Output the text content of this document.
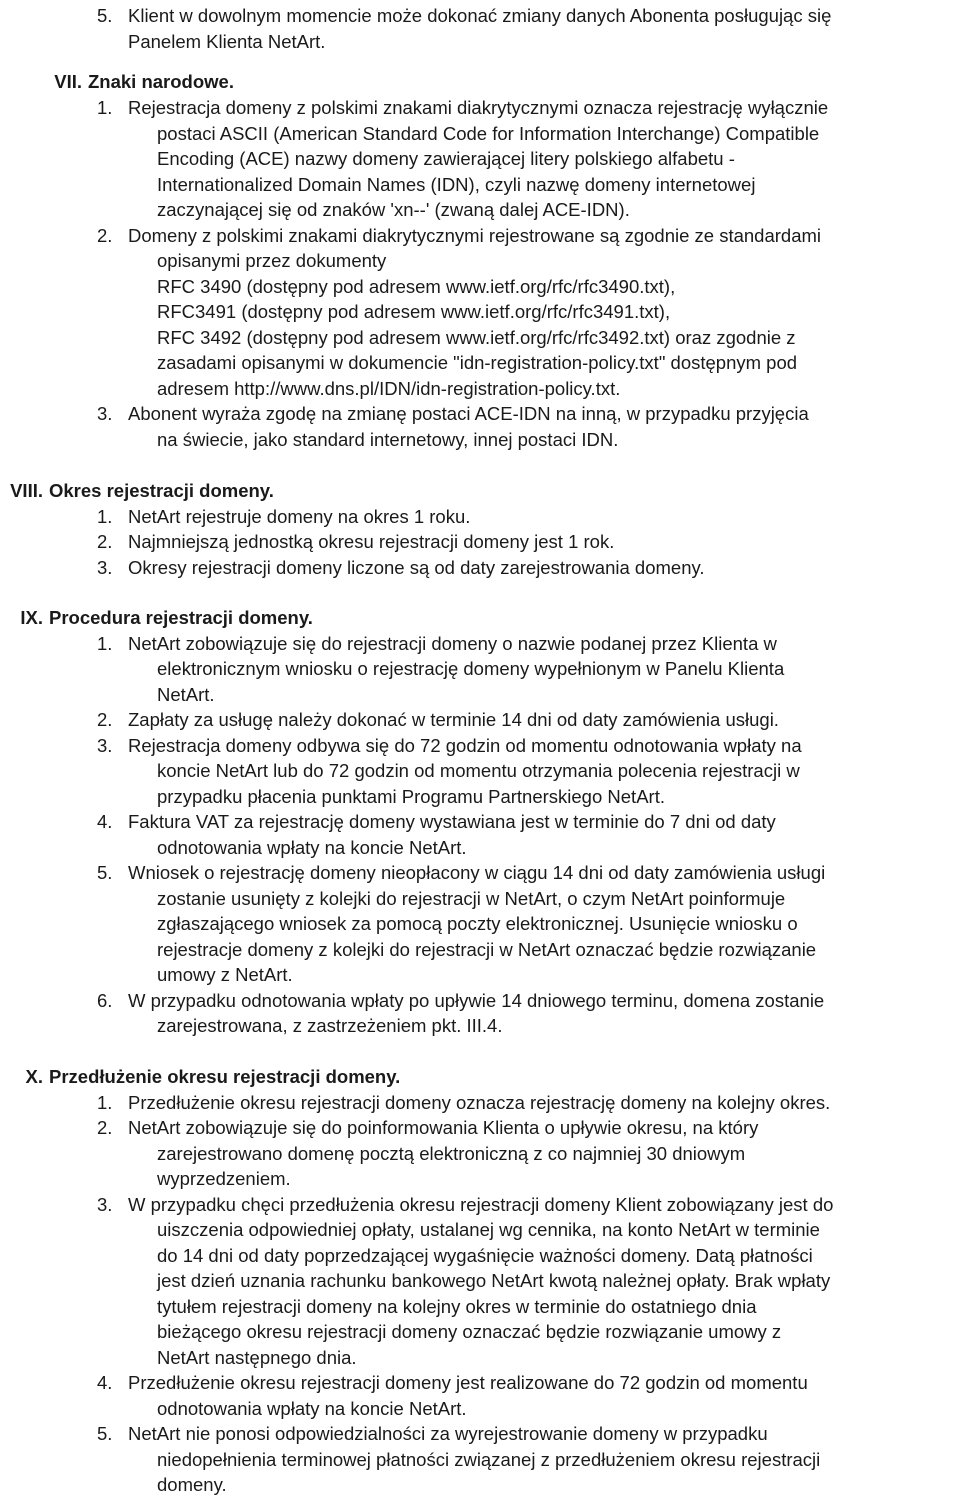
5. Klient w dowolnym momencie może dokonać zmiany danych Abonenta posługując się
Panelem Klienta NetArt.
VII. Znaki narodowe.
1. Rejestracja domeny z polskimi znakami diakrytycznymi oznacza rejestrację wyłącznie
postaci ASCII (American Standard Code for Information Interchange) Compatible
Encoding (ACE) nazwy domeny zawierającej litery polskiego alfabetu -
Internationalized Domain Names (IDN), czyli nazwę domeny internetowej
zaczynającej się od znaków 'xn--' (zwaną dalej ACE-IDN).
2. Domeny z polskimi znakami diakrytycznymi rejestrowane są zgodnie ze standardami
opisanymi przez dokumenty
RFC 3490 (dostępny pod adresem www.ietf.org/rfc/rfc3490.txt),
RFC3491 (dostępny pod adresem www.ietf.org/rfc/rfc3491.txt),
RFC 3492 (dostępny pod adresem www.ietf.org/rfc/rfc3492.txt) oraz zgodnie z
zasadami opisanymi w dokumencie "idn-registration-policy.txt" dostępnym pod
adresem http://www.dns.pl/IDN/idn-registration-policy.txt.
3. Abonent wyraża zgodę na zmianę postaci ACE-IDN na inną, w przypadku przyjęcia
na świecie, jako standard internetowy, innej postaci IDN.
VIII. Okres rejestracji domeny.
1. NetArt rejestruje domeny na okres 1 roku.
2. Najmniejszą jednostką okresu rejestracji domeny jest 1 rok.
3. Okresy rejestracji domeny liczone są od daty zarejestrowania domeny.
IX. Procedura rejestracji domeny.
1. NetArt zobowiązuje się do rejestracji domeny o nazwie podanej przez Klienta w
elektronicznym wniosku o rejestrację domeny wypełnionym w Panelu Klienta
NetArt.
2. Zapłaty za usługę należy dokonać w terminie 14 dni od daty zamówienia usługi.
3. Rejestracja domeny odbywa się do 72 godzin od momentu odnotowania wpłaty na
koncie NetArt lub do 72 godzin od momentu otrzymania polecenia rejestracji w
przypadku płacenia punktami Programu Partnerskiego NetArt.
4. Faktura VAT za rejestrację domeny wystawiana jest w terminie do 7 dni od daty
odnotowania wpłaty na koncie NetArt.
5. Wniosek o rejestrację domeny nieopłacony w ciągu 14 dni od daty zamówienia usługi
zostanie usunięty z kolejki do rejestracji w NetArt, o czym NetArt poinformuje
zgłaszającego wniosek za pomocą poczty elektronicznej. Usunięcie wniosku o
rejestracje domeny z kolejki do rejestracji w NetArt oznaczać będzie rozwiązanie
umowy z NetArt.
6. W przypadku odnotowania wpłaty po upływie 14 dniowego terminu, domena zostanie
zarejestrowana, z zastrzeżeniem pkt. III.4.
X. Przedłużenie okresu rejestracji domeny.
1. Przedłużenie okresu rejestracji domeny oznacza rejestrację domeny na kolejny okres.
2. NetArt zobowiązuje się do poinformowania Klienta o upływie okresu, na który
zarejestrowano domenę pocztą elektroniczną z co najmniej 30 dniowym
wyprzedzeniem.
3. W przypadku chęci przedłużenia okresu rejestracji domeny Klient zobowiązany jest do
uiszczenia odpowiedniej opłaty, ustalanej wg cennika, na konto NetArt w terminie
do 14 dni od daty poprzedzającej wygaśnięcie ważności domeny. Datą płatności
jest dzień uznania rachunku bankowego NetArt kwotą należnej opłaty. Brak wpłaty
tytułem rejestracji domeny na kolejny okres w terminie do ostatniego dnia
bieżącego okresu rejestracji domeny oznaczać będzie rozwiązanie umowy z
NetArt następnego dnia.
4. Przedłużenie okresu rejestracji domeny jest realizowane do 72 godzin od momentu
odnotowania wpłaty na koncie NetArt.
5. NetArt nie ponosi odpowiedzialności za wyrejestrowanie domeny w przypadku
niedopełnienia terminowej płatności związanej z przedłużeniem okresu rejestracji
domeny.
